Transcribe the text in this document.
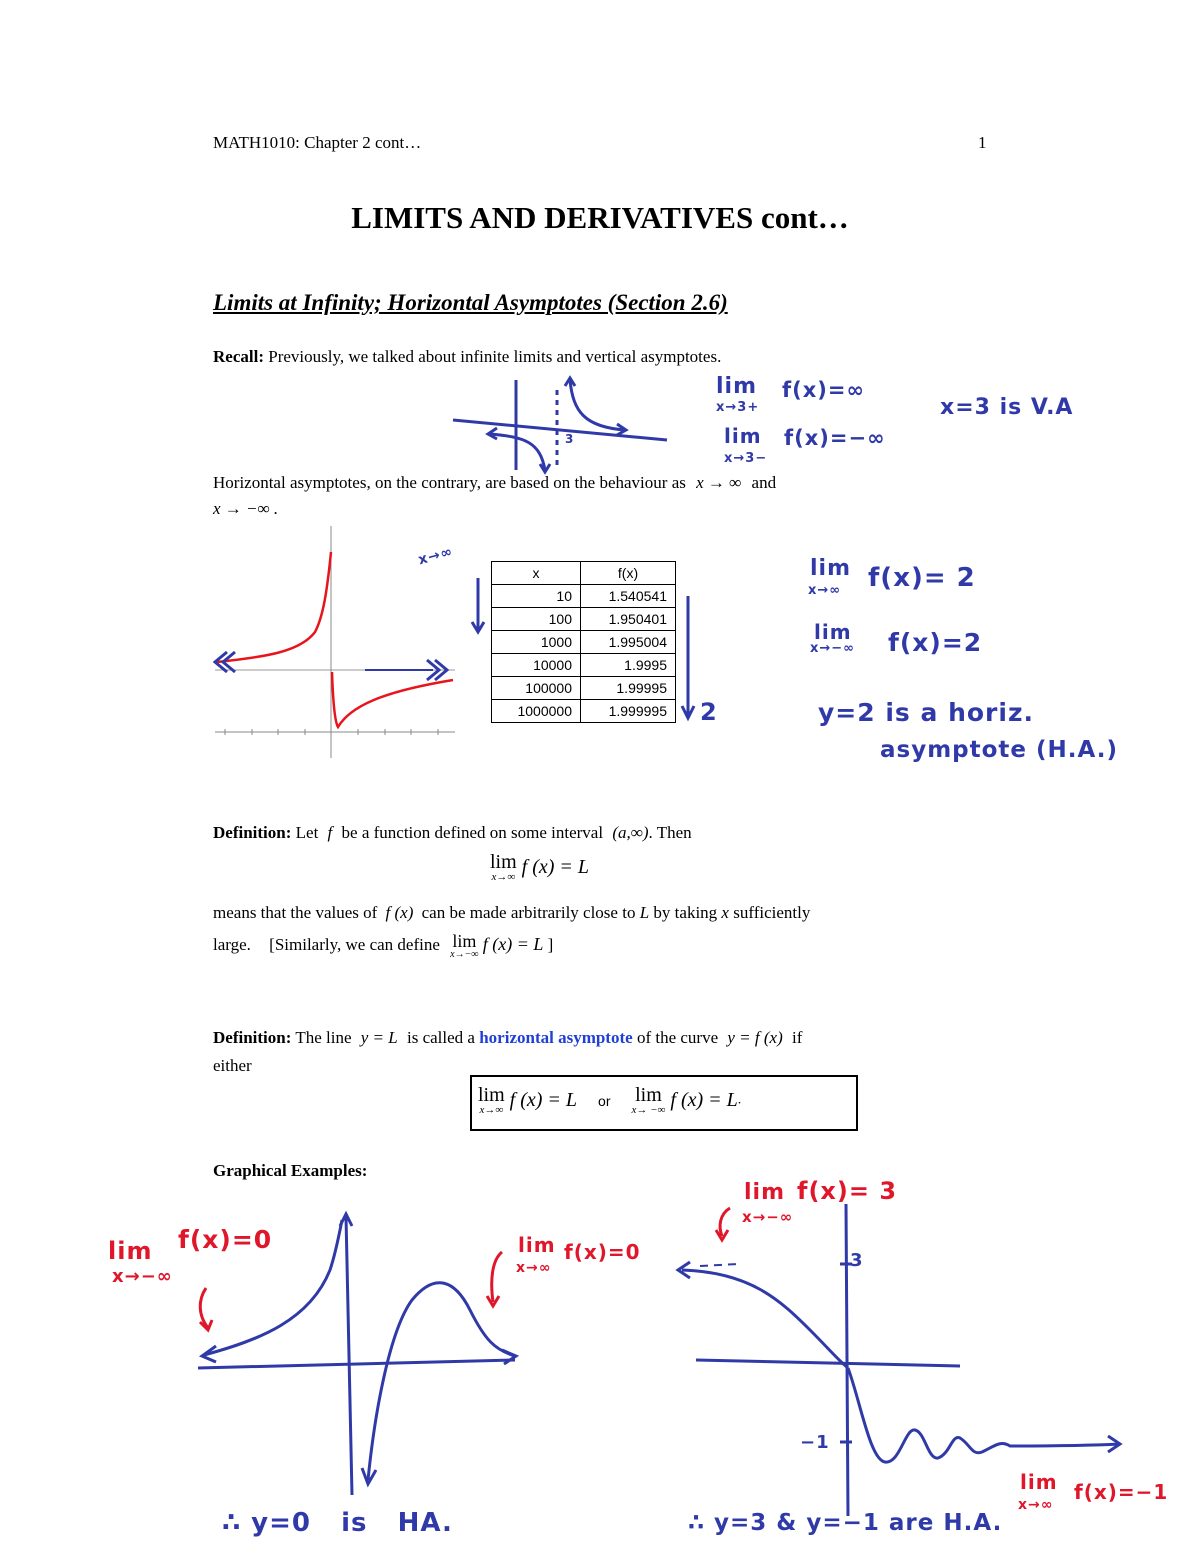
MATH1010: Chapter 2 cont…	1
LIMITS AND DERIVATIVES cont…
Limits at Infinity; Horizontal Asymptotes (Section 2.6)
Recall: Previously, we talked about infinite limits and vertical asymptotes.
3
lim f(x)=∞
x→3+
lim f(x)=−∞
x→3−
x=3 is V.A
Horizontal asymptotes, on the contrary, are based on the behaviour as x → ∞ and
x → −∞ .
x→∞
x	f(x)
10	1.540541
100	1.950401
1000	1.995004
10000	1.9995
100000	1.99995
1000000	1.999995 2
lim
x→∞ f(x)= 2
lim
x→−∞ f(x)=2
y=2 is a horiz.
asymptote (H.A.)
Definition: Let f be a function defined on some interval (a,∞). Then
lim
x→∞ f (x) = L
means that the values of f (x) can be made arbitrarily close to L by taking x sufficiently
large. [Similarly, we can define lim
x→−∞
f (x) = L ]
Definition: The line y = L is called a horizontal asymptote of the curve y = f (x) if
either
lim
x→∞ f (x) = L or lim
x→ −∞ f (x) = L.
Graphical Examples:
lim f(x)=0
x→−∞
lim f(x)=0
x→∞
∴ y=0   is   HA.
3
−1
lim f(x)= 3
x→−∞
lim f(x)=−1
x→∞
∴ y=3 & y=−1 are H.A.
